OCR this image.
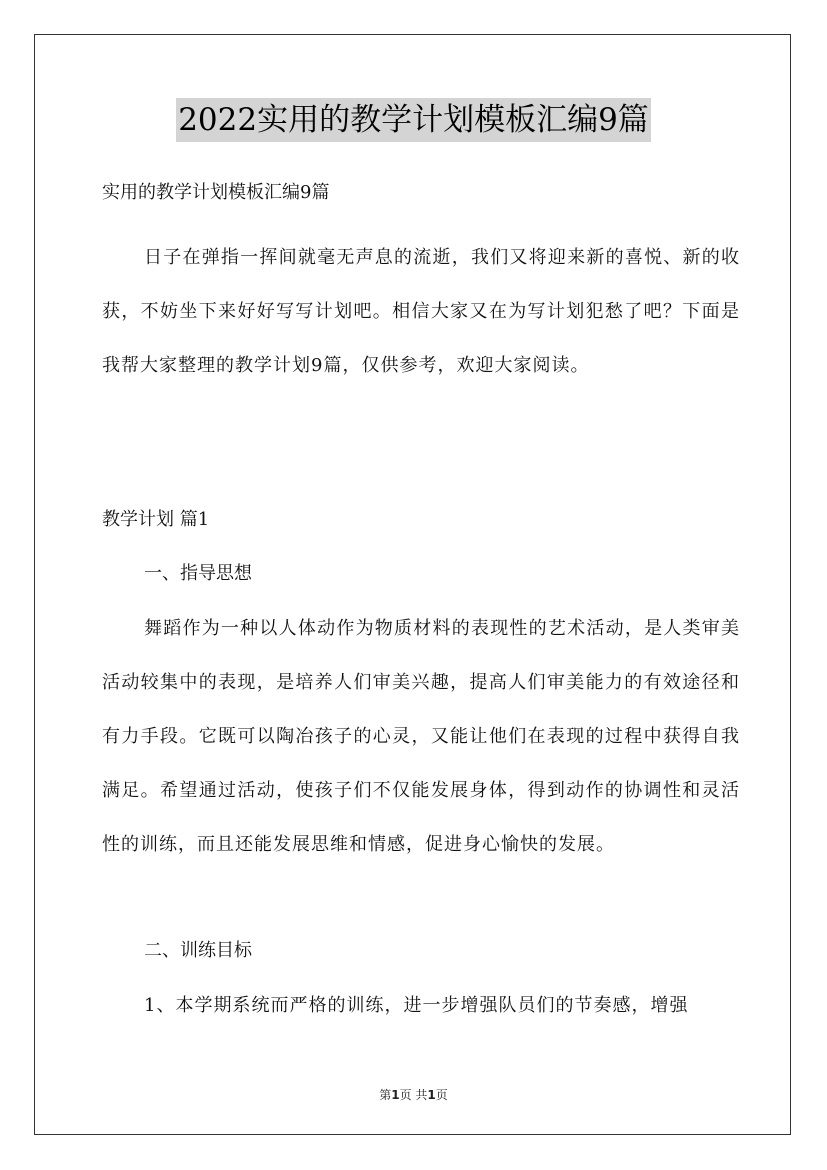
2022实用的教学计划模板汇编9篇
实用的教学计划模板汇编9篇
日子在弹指一挥间就毫无声息的流逝，我们又将迎来新的喜悦、新的收获，不妨坐下来好好写写计划吧。相信大家又在为写计划犯愁了吧？下面是我帮大家整理的教学计划9篇，仅供参考，欢迎大家阅读。
教学计划 篇1
一、指导思想
舞蹈作为一种以人体动作为物质材料的表现性的艺术活动，是人类审美活动较集中的表现，是培养人们审美兴趣，提高人们审美能力的有效途径和有力手段。它既可以陶冶孩子的心灵，又能让他们在表现的过程中获得自我满足。希望通过活动，使孩子们不仅能发展身体，得到动作的协调性和灵活性的训练，而且还能发展思维和情感，促进身心愉快的发展。
二、训练目标
1、本学期系统而严格的训练，进一步增强队员们的节奏感，增强
第1页 共1页
